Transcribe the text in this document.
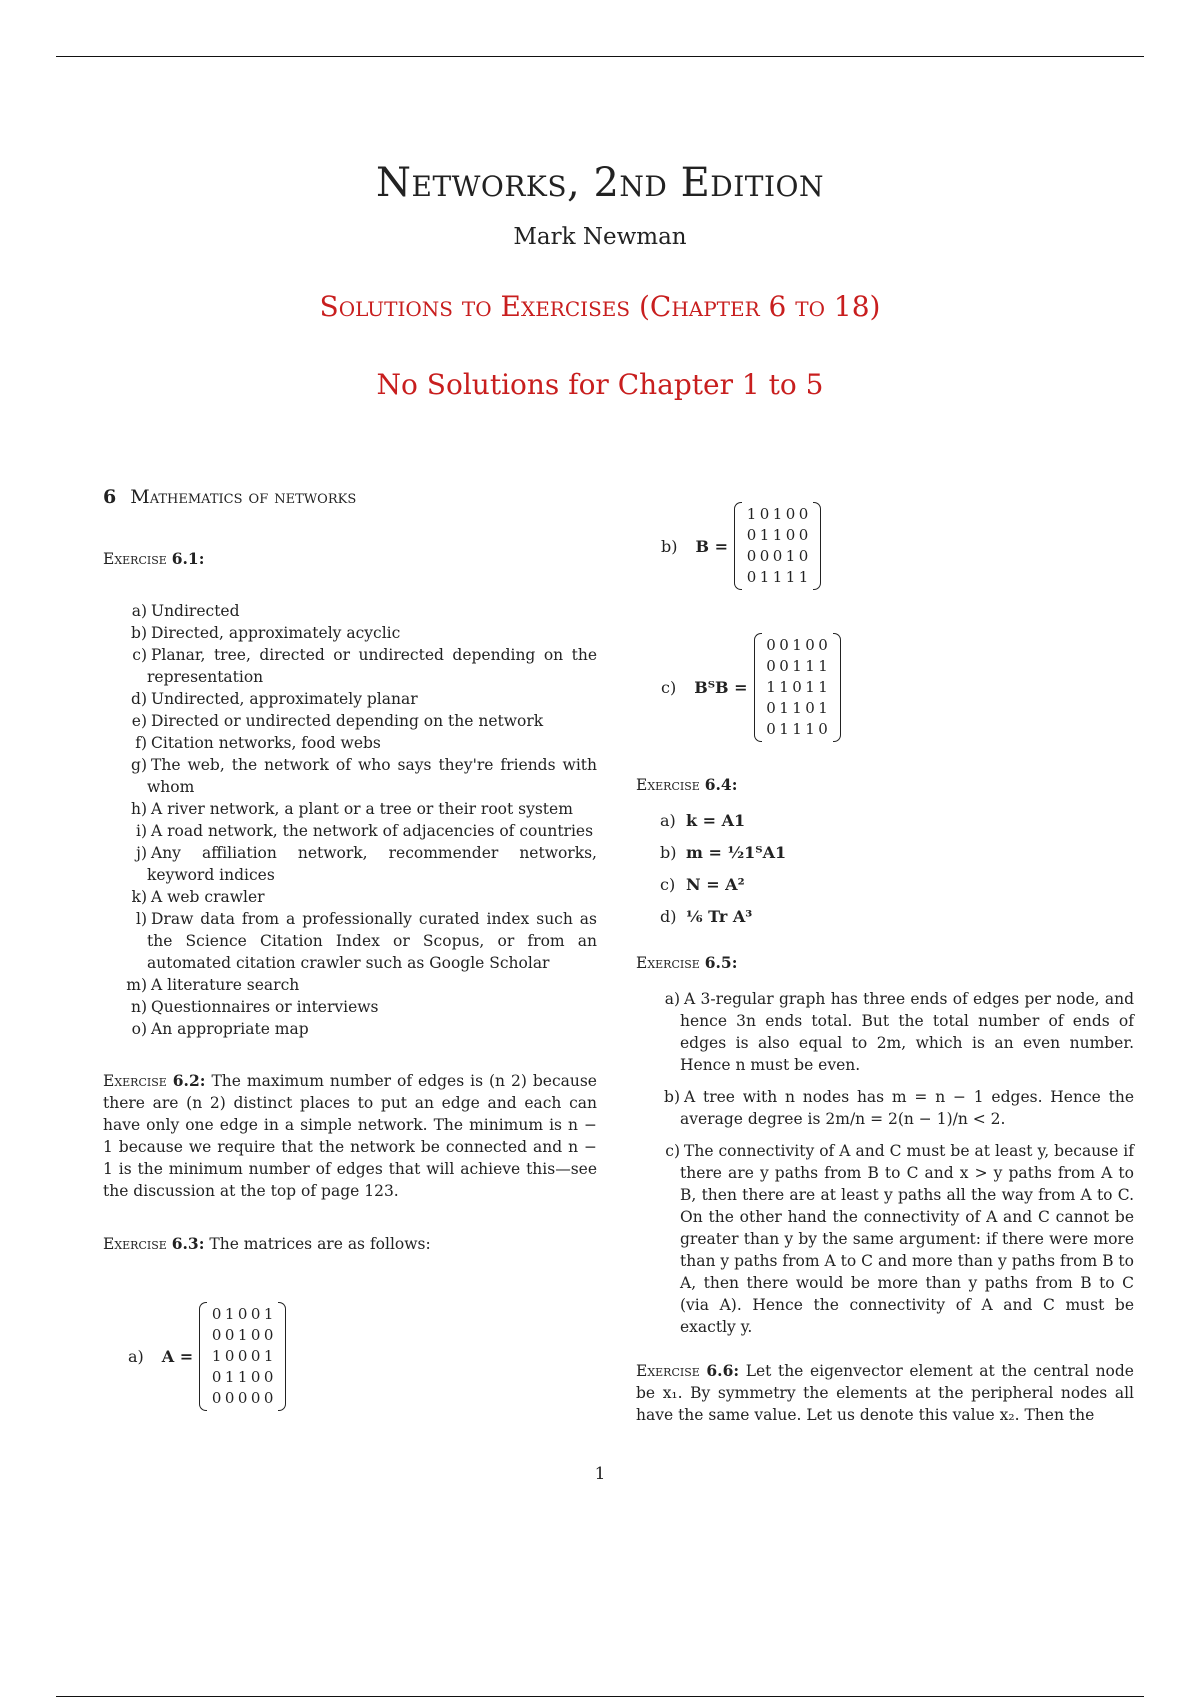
Networks, 2nd Edition
Mark Newman
Solutions to Exercises (Chapter 6 to 18)
No Solutions for Chapter 1 to 5
6 Mathematics of networks
Exercise 6.1:
a) Undirected
b) Directed, approximately acyclic
c) Planar, tree, directed or undirected depending on the representation
d) Undirected, approximately planar
e) Directed or undirected depending on the network
f) Citation networks, food webs
g) The web, the network of who says they're friends with whom
h) A river network, a plant or a tree or their root system
i) A road network, the network of adjacencies of countries
j) Any affiliation network, recommender networks, keyword indices
k) A web crawler
l) Draw data from a professionally curated index such as the Science Citation Index or Scopus, or from an automated citation crawler such as Google Scholar
m) A literature search
n) Questionnaires or interviews
o) An appropriate map
Exercise 6.2: The maximum number of edges is (n 2) because there are (n 2) distinct places to put an edge and each can have only one edge in a simple network. The minimum is n − 1 because we require that the network be connected and n − 1 is the minimum number of edges that will achieve this—see the discussion at the top of page 123.
Exercise 6.3: The matrices are as follows:
a) A =
0 1 0 0 1
0 0 1 0 0
1 0 0 0 1
0 1 1 0 0
0 0 0 0 0
b) B =
1 0 1 0 0
0 1 1 0 0
0 0 0 1 0
0 1 1 1 1
c) BᵀB =
0 0 1 0 0
0 0 1 1 1
1 1 0 1 1
0 1 1 0 1
0 1 1 1 0
Exercise 6.4:
a) k = A1
b) m = ½1ᵀA1
c) N = A²
d) ⅙ Tr A³
Exercise 6.5:
a) A 3-regular graph has three ends of edges per node, and hence 3n ends total. But the total number of ends of edges is also equal to 2m, which is an even number. Hence n must be even.
b) A tree with n nodes has m = n − 1 edges. Hence the average degree is 2m/n = 2(n − 1)/n < 2.
c) The connectivity of A and C must be at least y, because if there are y paths from B to C and x > y paths from A to B, then there are at least y paths all the way from A to C. On the other hand the connectivity of A and C cannot be greater than y by the same argument: if there were more than y paths from A to C and more than y paths from B to A, then there would be more than y paths from B to C (via A). Hence the connectivity of A and C must be exactly y.
Exercise 6.6: Let the eigenvector element at the central node be x₁. By symmetry the elements at the peripheral nodes all have the same value. Let us denote this value x₂. Then the
1
